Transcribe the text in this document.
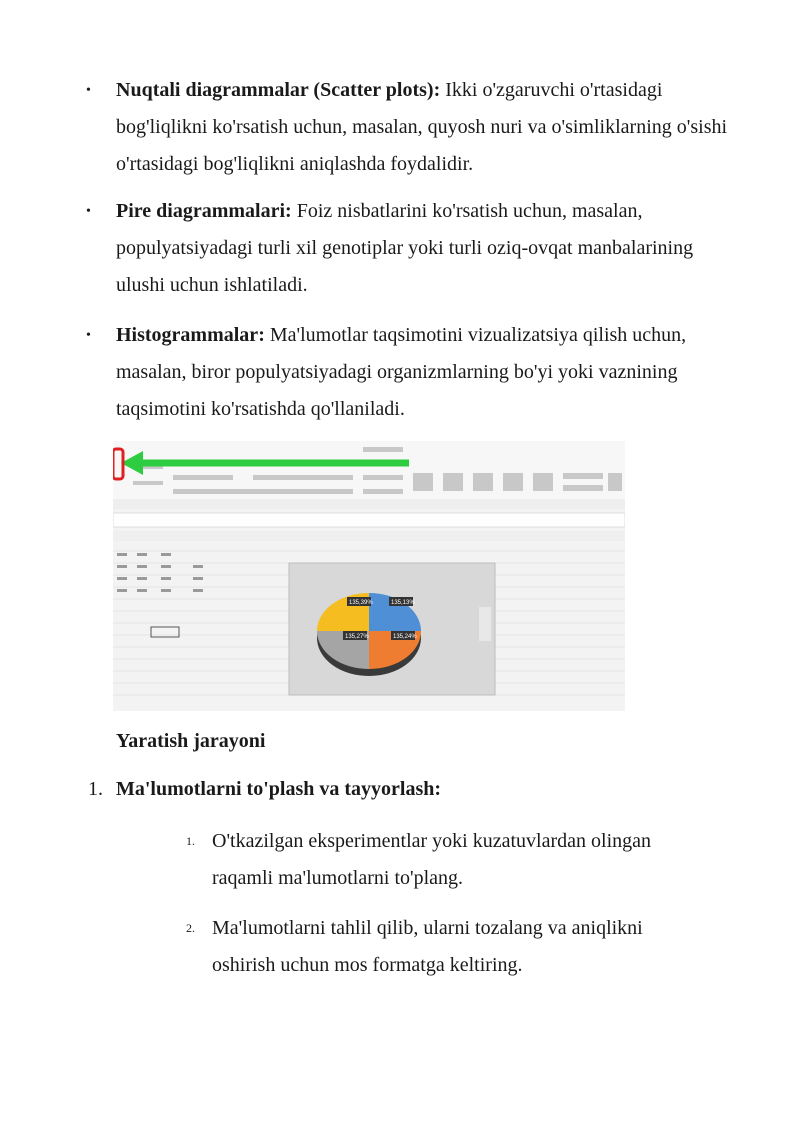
•	Nuqtali diagrammalar (Scatter plots): Ikki o'zgaruvchi o'rtasidagi bog'liqlikni ko'rsatish uchun, masalan, quyosh nuri va o'simliklarning o'sishi o'rtasidagi bog'liqlikni aniqlashda foydalidir.
•	Pire diagrammalari: Foiz nisbatlarini ko'rsatish uchun, masalan, populyatsiyadagi turli xil genotiplar yoki turli oziq-ovqat manbalarining ulushi uchun ishlatiladi.
•	Histogrammalar: Ma'lumotlar taqsimotini vizualizatsiya qilish uchun, masalan, biror populyatsiyadagi organizmlarning bo'yi yoki vaznining taqsimotini ko'rsatishda qo'llaniladi.
135,39%	135,13%
135,27%	135,24%
Yaratish jarayoni
1. Ma'lumotlarni to'plash va tayyorlash:
1. O'tkazilgan eksperimentlar yoki kuzatuvlardan olingan raqamli ma'lumotlarni to'plang.
2. Ma'lumotlarni tahlil qilib, ularni tozalang va aniqlikni oshirish uchun mos formatga keltiring.
